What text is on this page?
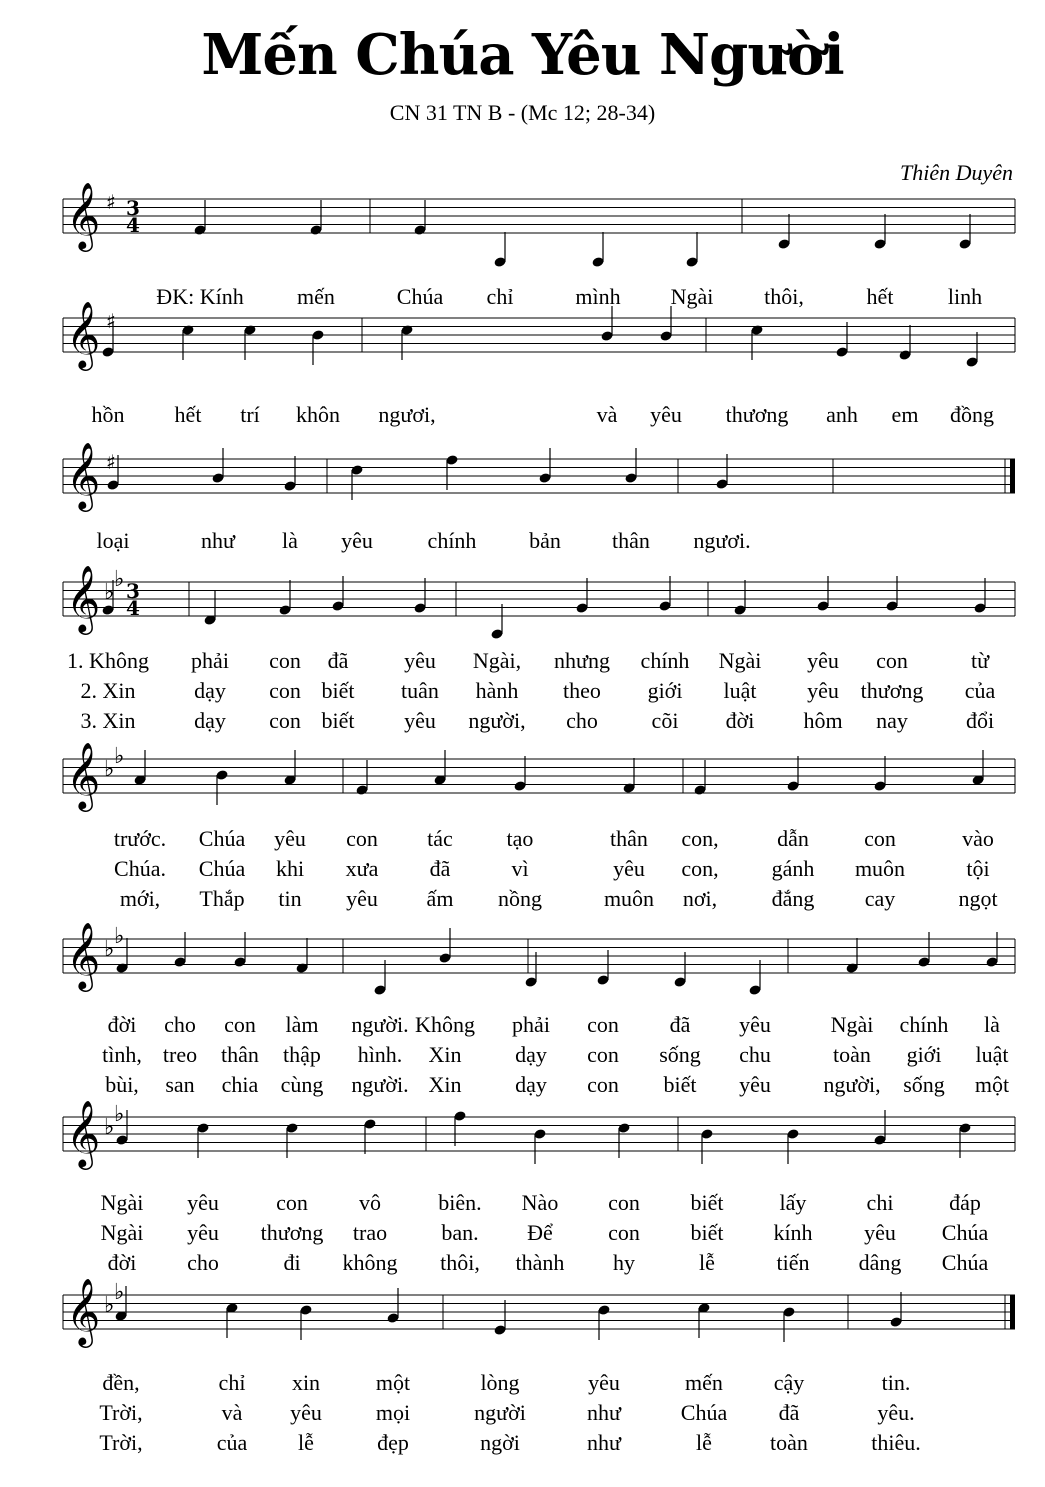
Mến Chúa Yêu Người
CN 31 TN B - (Mc 12; 28-34)
Thiên Duyên
𝄞 ♯ 3
4
ĐK: Kính mến	Chúa chỉ	mình Ngài thôi,	hết linh
𝄞 ♯
hồn hết trí khôn ngươi,	và yêu thương anh em đồng
𝄞 ♯
loại	như là yêu chính bản thân ngươi.
𝄞 ♭
♭ 3
4
1. Không phải con đã	yêu Ngài, nhưng chính Ngài yêu con	từ
2. Xin	dạy con biết tuân hành theo giới luật yêu thương của
3. Xin	dạy con biết yêu người, cho cõi đời hôm nay	đổi
𝄞 ♭
♭
trước. Chúa yêu con tác tạo	thân con,	dẫn	con	vào
Chúa. Chúa khi xưa đã	vì	yêu con, gánh muôn	tội
mới, Thắp tin yêu ấm nồng	muôn nơi, đắng cay	ngọt
𝄞 ♭
♭
đời cho con làm người. Không phải con đã yêu	Ngài chính là
tình, treo thân thập hình. Xin dạy con sống chu	toàn giới luật
bùi, san chia cùng người. Xin dạy con biết yêu người, sống một
𝄞 ♭
♭
Ngài yêu	con vô	biên. Nào con biết	lấy	chi	đáp
Ngài yêu thương trao ban. Để	con biết kính yêu Chúa
đời cho	đi không thôi, thành hy	lễ	tiến dâng Chúa
𝄞 ♭
♭
đền,	chỉ xin	một	lòng	yêu	mến cậy	tin.
Trời,	và yêu mọi	người	như	Chúa đã	yêu.
Trời,	của lễ	đẹp	ngời	như	lễ	toàn	thiêu.
